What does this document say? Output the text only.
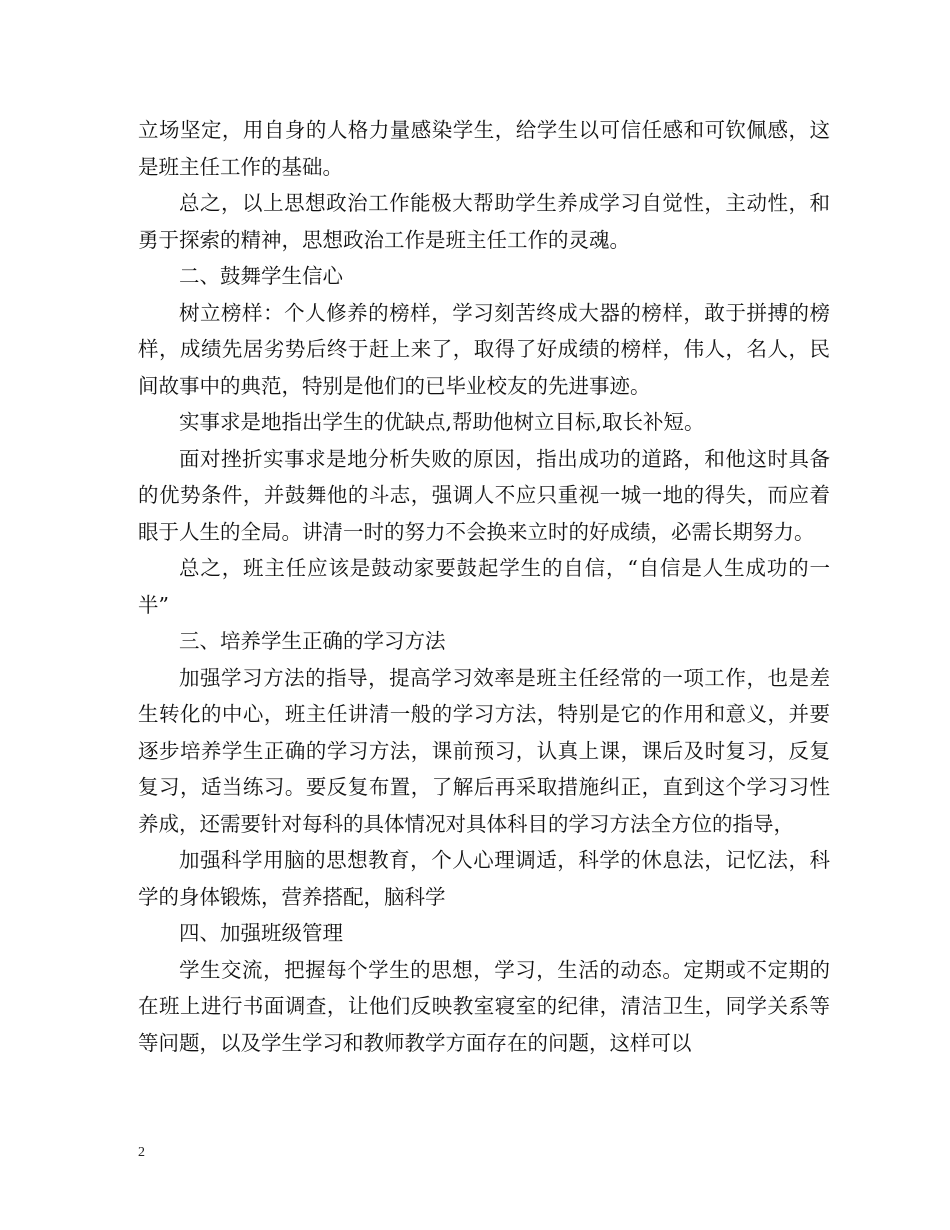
立场坚定，用自身的人格力量感染学生，给学生以可信任感和可钦佩感，这是班主任工作的基础。

总之，以上思想政治工作能极大帮助学生养成学习自觉性，主动性，和勇于探索的精神，思想政治工作是班主任工作的灵魂。

二、鼓舞学生信心

树立榜样：个人修养的榜样，学习刻苦终成大器的榜样，敢于拼搏的榜样，成绩先居劣势后终于赶上来了，取得了好成绩的榜样，伟人，名人，民间故事中的典范，特别是他们的已毕业校友的先进事迹。

实事求是地指出学生的优缺点,帮助他树立目标,取长补短。

面对挫折实事求是地分析失败的原因，指出成功的道路，和他这时具备的优势条件，并鼓舞他的斗志，强调人不应只重视一城一地的得失，而应着眼于人生的全局。讲清一时的努力不会换来立时的好成绩，必需长期努力。

总之，班主任应该是鼓动家要鼓起学生的自信，“自信是人生成功的一半”

三、培养学生正确的学习方法

加强学习方法的指导，提高学习效率是班主任经常的一项工作，也是差生转化的中心，班主任讲清一般的学习方法，特别是它的作用和意义，并要逐步培养学生正确的学习方法，课前预习，认真上课，课后及时复习，反复复习，适当练习。要反复布置，了解后再采取措施纠正，直到这个学习习性养成，还需要针对每科的具体情况对具体科目的学习方法全方位的指导，

加强科学用脑的思想教育，个人心理调适，科学的休息法，记忆法，科学的身体锻炼，营养搭配，脑科学

四、加强班级管理

学生交流，把握每个学生的思想，学习，生活的动态。定期或不定期的在班上进行书面调查，让他们反映教室寝室的纪律，清洁卫生，同学关系等等问题，以及学生学习和教师教学方面存在的问题，这样可以

2
